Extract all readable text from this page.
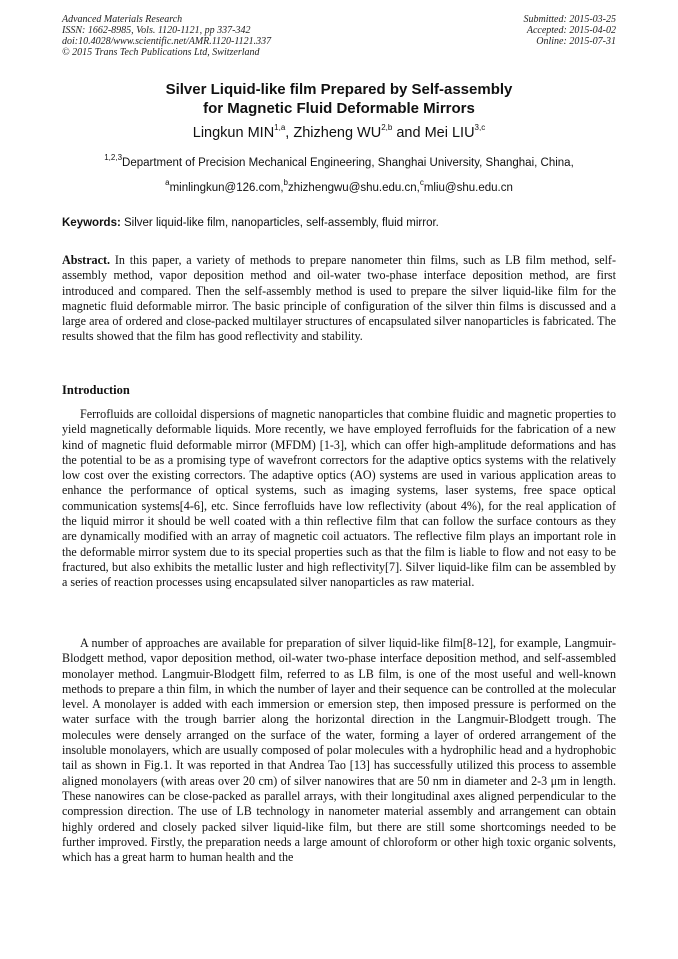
Advanced Materials Research
ISSN: 1662-8985, Vols. 1120-1121, pp 337-342
doi:10.4028/www.scientific.net/AMR.1120-1121.337
© 2015 Trans Tech Publications Ltd, Switzerland
Submitted: 2015-03-25
Accepted: 2015-04-02
Online: 2015-07-31
Silver Liquid-like film Prepared by Self-assembly
for Magnetic Fluid Deformable Mirrors
Lingkun MIN$^{1,a}$, Zhizheng WU$^{2,b}$ and Mei LIU$^{3,c}$
$^{1,2,3}$Department of Precision Mechanical Engineering, Shanghai University, Shanghai, China,
$^a$minlingkun@126.com,$^b$zhizhengwu@shu.edu.cn,$^c$mliu@shu.edu.cn
Keywords: Silver liquid-like film, nanoparticles, self-assembly, fluid mirror.
Abstract. In this paper, a variety of methods to prepare nanometer thin films, such as LB film method, self-assembly method, vapor deposition method and oil-water two-phase interface deposition method, are first introduced and compared. Then the self-assembly method is used to prepare the silver liquid-like film for the magnetic fluid deformable mirror. The basic principle of configuration of the silver thin films is discussed and a large area of ordered and close-packed multilayer structures of encapsulated silver nanoparticles is fabricated. The results showed that the film has good reflectivity and stability.
Introduction
Ferrofluids are colloidal dispersions of magnetic nanoparticles that combine fluidic and magnetic properties to yield magnetically deformable liquids. More recently, we have employed ferrofluids for the fabrication of a new kind of magnetic fluid deformable mirror (MFDM) [1-3], which can offer high-amplitude deformations and has the potential to be as a promising type of wavefront correctors for the adaptive optics systems with the relatively low cost over the existing correctors. The adaptive optics (AO) systems are used in various application areas to enhance the performance of optical systems, such as imaging systems, laser systems, free space optical communication systems[4-6], etc. Since ferrofluids have low reflectivity (about 4%), for the real application of the liquid mirror it should be well coated with a thin reflective film that can follow the surface contours as they are dynamically modified with an array of magnetic coil actuators. The reflective film plays an important role in the deformable mirror system due to its special properties such as that the film is liable to flow and not easy to be fractured, but also exhibits the metallic luster and high reflectivity[7]. Silver liquid-like film can be assembled by a series of reaction processes using encapsulated silver nanoparticles as raw material.
A number of approaches are available for preparation of silver liquid-like film[8-12], for example, Langmuir-Blodgett method, vapor deposition method, oil-water two-phase interface deposition method, and self-assembled monolayer method. Langmuir-Blodgett film, referred to as LB film, is one of the most useful and well-known methods to prepare a thin film, in which the number of layer and their sequence can be controlled at the molecular level. A monolayer is added with each immersion or emersion step, then imposed pressure is performed on the water surface with the trough barrier along the horizontal direction in the Langmuir-Blodgett trough. The molecules were densely arranged on the surface of the water, forming a layer of ordered arrangement of the insoluble monolayers, which are usually composed of polar molecules with a hydrophilic head and a hydrophobic tail as shown in Fig.1. It was reported in that Andrea Tao [13] has successfully utilized this process to assemble aligned monolayers (with areas over 20 cm) of silver nanowires that are 50 nm in diameter and 2-3 μm in length. These nanowires can be close-packed as parallel arrays, with their longitudinal axes aligned perpendicular to the compression direction. The use of LB technology in nanometer material assembly and arrangement can obtain highly ordered and closely packed silver liquid-like film, but there are still some shortcomings needed to be further improved. Firstly, the preparation needs a large amount of chloroform or other high toxic organic solvents, which has a great harm to human health and the
